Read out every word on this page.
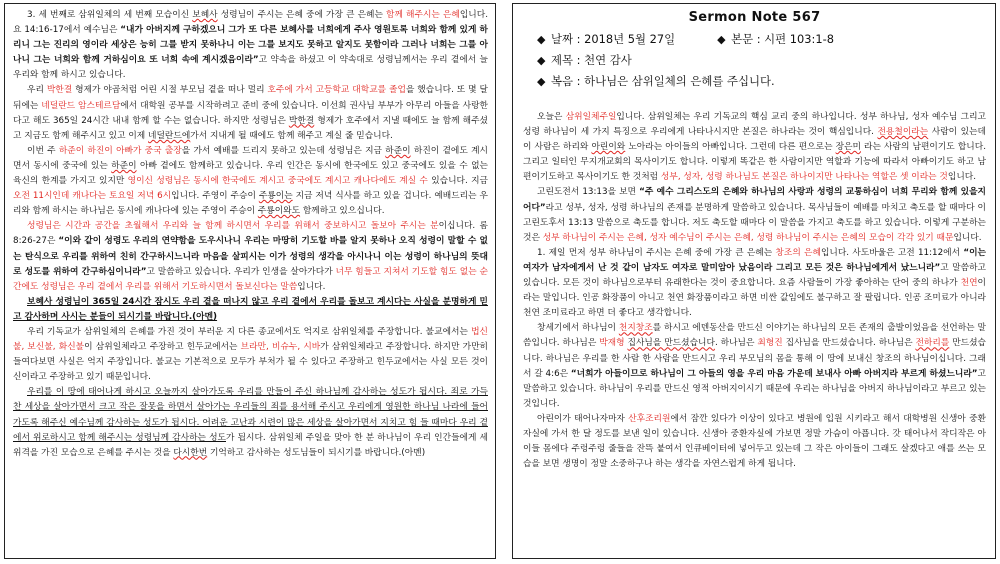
3. 세 번째로 삼위일체의 세 번째 모습이신 보혜사 성령님이 주시는 은혜 중에 가장 큰 은혜는 함께 해주시는 은혜입니다. 요 14:16-17에서 예수님은 “내가 아버지께 구하겠으니 그가 또 다른 보혜사를 너희에게 주사 영원토록 너희와 함께 있게 하리니 그는 진리의 영이라 세상은 능히 그를 받지 못하나니 이는 그를 보지도 못하고 알지도 못함이라 그러나 너희는 그를 아나니 그는 너희와 함께 거하심이요 또 너희 속에 계시겠음이라”고 약속을 하셨고 이 약속대로 성령님께서는 우리 곁에서 늘 우리와 함께 하시고 있습니다.

우리 박한결 형제가 야곱처럼 어린 시절 부모님 곁을 떠나 멀리 호주에 가서 고등학교 대학교를 졸업을 했습니다. 또 몇 달 뒤에는 네덜란드 암스테르담에서 대학원 공부를 시작하려고 준비 중에 있습니다. 이선희 권사님 부부가 아무리 아들을 사랑한다고 해도 365일 24시간 내내 함께 할 수는 없습니다. 하지만 성령님은 박한결 형제가 호주에서 지낼 때에도 늘 함께 해주셨고 지금도 함께 해주시고 있고 이제 네덜란드에가서 지내게 될 때에도 함께 해주고 계실 줄 믿습니다.

이번 주 하준이 하진이 아빠가 중국 출장을 가서 예배를 드리지 못하고 있는데 성령님은 지금 하준이 하진이 곁에도 계시면서 동시에 중국에 있는 하준이 아빠 곁에도 함께하고 있습니다. 우리 인간은 동시에 한국에도 있고 중국에도 있을 수 없는 육신의 한계를 가지고 있지만 영이신 성령님은 동시에 한국에도 계시고 중국에도 계시고 캐나다에도 계실 수 있습니다. 지금 오전 11시인데 캐나다는 토요일 저녁 6시입니다. 주영이 주승이 주룡이는 지금 저녁 식사를 하고 있을 겁니다. 예배드리는 우리와 함께 하시는 하나님은 동시에 캐나다에 있는 주영이 주승이 주룡이와도 함께하고 있으십니다.

성령님은 시간과 공간을 초월해서 우리와 늘 함께 하시면서 우리를 위해서 중보하시고 돌보아 주시는 분이십니다. 롬 8:26-27은 “이와 같이 성령도 우리의 연약함을 도우시나니 우리는 마땅히 기도할 바를 알지 못하나 오직 성령이 말할 수 없는 탄식으로 우리를 위하여 친히 간구하시느니라 마음을 살피시는 이가 성령의 생각을 아시나니 이는 성령이 하나님의 뜻대로 성도를 위하여 간구하심이니라”고 말씀하고 있습니다. 우리가 인생을 살아가다가 너무 힘들고 지쳐서 기도할 힘도 없는 순간에도 성령님은 우리 곁에서 우리를 위해서 기도하시면서 돌보신다는 말씀입니다.

보혜사 성령님이 365일 24시간 잠시도 우리 곁을 떠나지 않고 우리 곁에서 우리를 돌보고 계시다는 사실을 분명하게 믿고 감사하며 사시는 분들이 되시기를 바랍니다.(아멘)

우리 기독교가 삼위일체의 은혜를 가진 것이 부러운 지 다른 종교에서도 억지로 삼위일체를 주장합니다. 불교에서는 법신불, 보신불, 화신불이 삼위일체라고 주장하고 힌두교에서는 브라만, 비슈누, 시바가 삼위일체라고 주장합니다. 하지만 가만히 들여다보면 사실은 억지 주장입니다. 불교는 기본적으로 모두가 부처가 될 수 있다고 주장하고 힌두교에서는 사실 모든 것이 신이라고 주장하고 있기 때문입니다.

우리를 이 땅에 태어나게 하시고 오늘까지 살아가도록 우리를 만들어 주신 하나님께 감사하는 성도가 됩시다. 죄로 가득 찬 세상을 살아가면서 크고 작은 잘못을 하면서 살아가는 우리들의 죄를 용서해 주시고 우리에게 영원한 하나님 나라에 들어가도록 해주신 예수님께 감사하는 성도가 됩시다. 어려운 고난과 시련이 많은 세상을 살아가면서 지치고 힘 들 때마다 우리 곁에서 위로하시고 함께 해주시는 성령님께 감사하는 성도가 됩시다. 삼위일체 주일을 맞아 한 분 하나님이 우리 인간들에게 세 위격을 가진 모습으로 은혜를 주시는 것을 다시한번 기억하고 감사하는 성도님들이 되시기를 바랍니다.(아멘)

Sermon Note 567
◆ 날짜 : 2018년 5월 27일	◆ 본문 : 시편 103:1-8
◆ 제목 : 천연 감사
◆ 복음 : 하나님은 삼위일체의 은혜를 주십니다.

오늘은 삼위일체주일입니다. 삼위일체는 우리 기독교의 핵심 교리 중의 하나입니다. 성부 하나님, 성자 예수님 그리고 성령 하나님이 세 가지 특징으로 우리에게 나타나시지만 본질은 하나라는 것이 핵심입니다. 전용철이라는 사람이 있는데 이 사람은 하리와 아린이와 노아라는 아이들의 아빠입니다. 그런데 다른 편으로는 장은미 라는 사람의 남편이기도 합니다. 그리고 일터인 무지개교회의 목사이기도 합니다. 이렇게 똑같은 한 사람이지만 역할과 기능에 따라서 아빠이기도 하고 남편이기도하고 목사이기도 한 것처럼 성부, 성자, 성령 하나님도 본질은 하나이지만 나타나는 역할은 셋 이라는 것입니다.

고린도전서 13:13을 보면 “주 예수 그리스도의 은혜와 하나님의 사랑과 성령의 교통하심이 너희 무리와 함께 있을지어다”라고 성부, 성자, 성령 하나님의 존재를 분명하게 말씀하고 있습니다. 목사님들이 예배를 마치고 축도를 할 때마다 이 고린도후서 13:13 말씀으로 축도를 합니다. 저도 축도할 때마다 이 말씀을 가지고 축도를 하고 있습니다. 이렇게 구분하는 것은 성부 하나님이 주시는 은혜, 성자 예수님이 주시는 은혜, 성령 하나님이 주시는 은혜의 모습이 각각 있기 때문입니다.

1. 제일 먼저 성부 하나님이 주시는 은혜 중에 가장 큰 은혜는 창조의 은혜입니다. 사도바울은 고전 11:12에서 “이는 여자가 남자에게서 난 것 같이 남자도 여자로 말미암아 났음이라 그리고 모든 것은 하나님에게서 났느니라”고 말씀하고 있습니다. 모든 것이 하나님으로부터 유래한다는 것이 중요합니다. 요즘 사람들이 가장 좋아하는 단어 중의 하나가 천연이라는 말입니다. 인공 화장품이 아니고 천연 화장품이라고 하면 비싼 값임에도 불구하고 잘 팔립니다. 인공 조미료가 아니라 천연 조미료라고 하면 더 좋다고 생각합니다.

창세기에서 하나님이 천지창조를 하시고 에덴동산을 만드신 이야기는 하나님의 모든 존재의 출발이었음을 선언하는 말씀입니다. 하나님은 박재형 집사님을 만드셨습니다. 하나님은 최형진 집사님을 만드셨습니다. 하나님은 전하리를 만드셨습니다. 하나님은 우리를 한 사람 한 사람을 만드시고 우리 부모님의 몸을 통해 이 땅에 보내신 창조의 하나님이십니다. 그래서 갈 4:6은 “너희가 아들이므로 하나님이 그 아들의 영을 우리 마음 가운데 보내사 아빠 아버지라 부르게 하셨느니라”고 말씀하고 있습니다. 하나님이 우리를 만드신 영적 아버지이시기 때문에 우리는 하나님을 아버지 하나님이라고 부르고 있는 것입니다.

아린이가 태어나자마자 산후조리원에서 잠깐 있다가 이상이 있다고 병원에 입원 시키라고 해서 대학병원 신생아 중환자실에 가서 한 달 정도를 보낸 일이 있습니다. 신생아 중환자실에 가보면 정말 가슴이 아픕니다. 갓 태어나서 작디작은 아이들 몸에다 주렁주렁 줄들을 잔뜩 붙여서 인큐베이터에 넣어두고 있는데 그 작은 아이들이 그래도 살겠다고 애를 쓰는 모습을 보면 생명이 정말 소중하구나 하는 생각을 자연스럽게 하게 됩니다.
